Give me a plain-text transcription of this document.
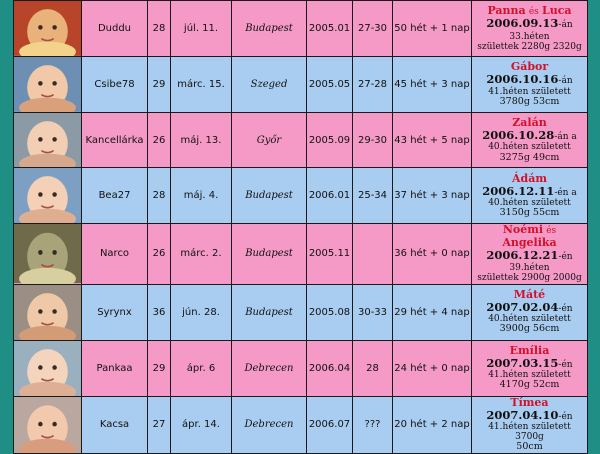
	Duddu	28	júl. 11.	Budapest	2005.01	27-30	50 hét + 1 nap	Panna és Luca
2006.09.13-án 33.héten
születtek 2280g 2320g

	Csibe78	29	márc. 15.	Szeged	2005.05	27-28	45 hét + 3 nap	Gábor 2006.10.16-án
41.héten született
3780g 53cm

	Kancellárka	26	máj. 13.	Győr	2005.09	29-30	43 hét + 5 nap	Zalán 2006.10.28-án a
40.héten született
3275g 49cm

	Bea27	28	máj. 4.	Budapest	2006.01	25-34	37 hét + 3 nap	Ádám 2006.12.11-én a
40.héten született
3150g 55cm

	Narco	26	márc. 2.	Budapest	2005.11		36 hét + 0 nap	Noémi és Angelika
2006.12.21-én 39.héten
születtek 2900g 2000g

	Syrynx	36	jún. 28.	Budapest	2005.08	30-33	29 hét + 4 nap	Máté 2007.02.04-én
40.héten született
3900g 56cm

	Pankaa	29	ápr. 6	Debrecen	2006.04	28	24 hét + 0 nap	Emília 2007.03.15-én
41.héten született
4170g 52cm

	Kacsa	27	ápr. 14.	Debrecen	2006.07	???	20 hét + 2 nap	Tímea 2007.04.10-én
41.héten született 3700g
50cm
